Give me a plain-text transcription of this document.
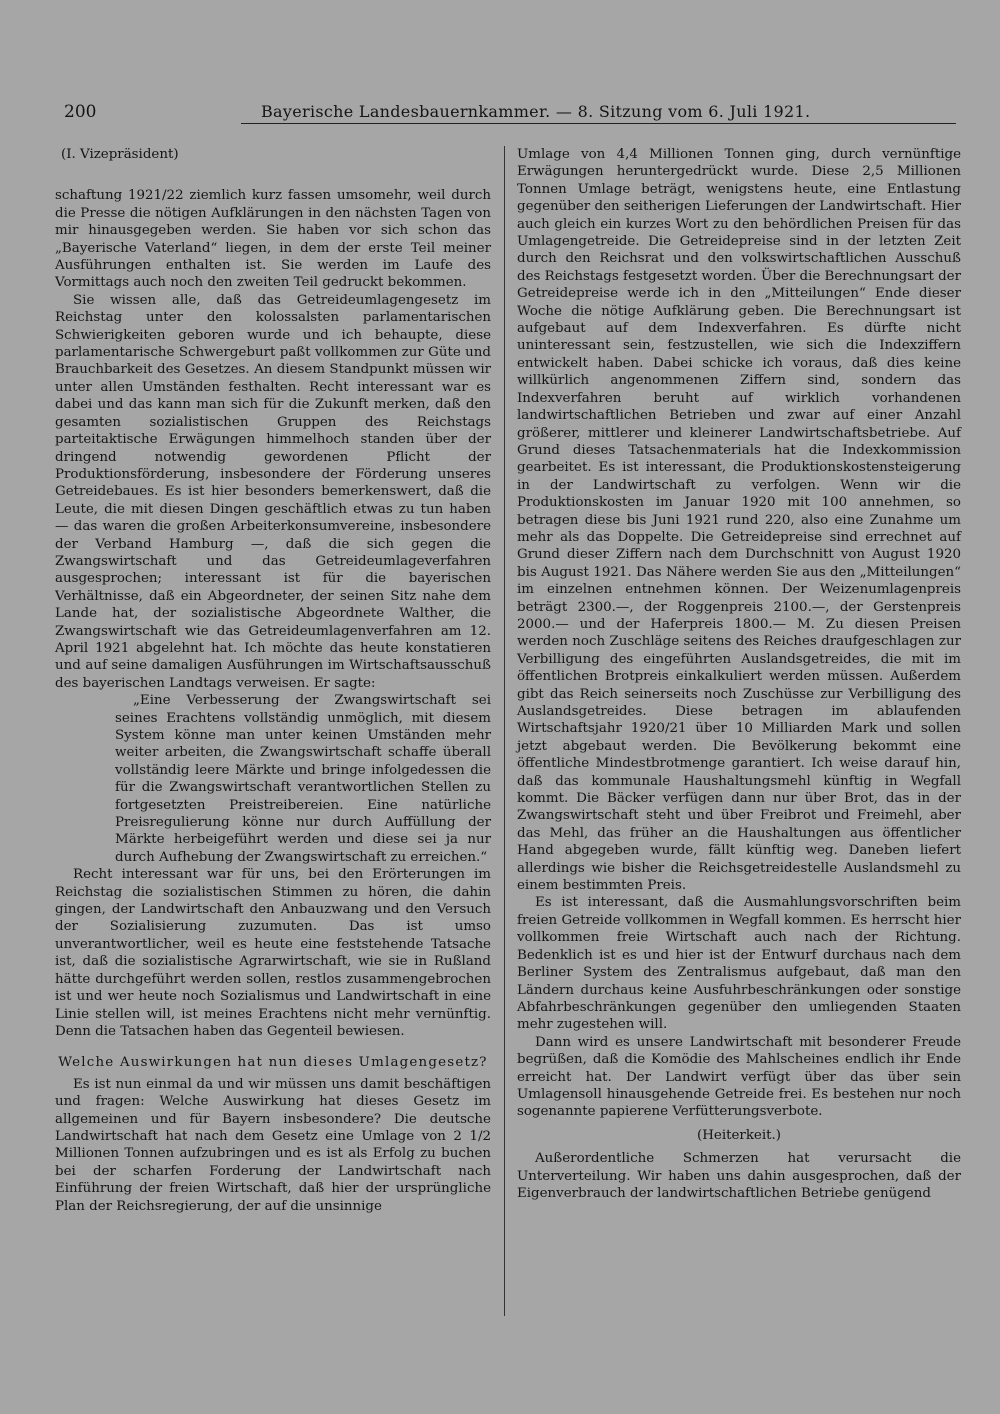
200	Bayerische Landesbauernkammer. — 8. Sitzung vom 6. Juli 1921.

(I. Vizepräsident)

schaftung 1921/22 ziemlich kurz fassen umsomehr, weil durch die Presse die nötigen Aufklärungen in den nächsten Tagen von mir hinausgegeben werden. Sie haben vor sich schon das „Bayerische Vaterland“ liegen, in dem der erste Teil meiner Ausführungen enthalten ist. Sie werden im Laufe des Vormittags auch noch den zweiten Teil gedruckt bekommen.

Sie wissen alle, daß das Getreideumlagengesetz im Reichstag unter den kolossalsten parlamentarischen Schwierigkeiten geboren wurde und ich behaupte, diese parlamentarische Schwergeburt paßt vollkommen zur Güte und Brauchbarkeit des Gesetzes. An diesem Standpunkt müssen wir unter allen Umständen festhalten. Recht interessant war es dabei und das kann man sich für die Zukunft merken, daß den gesamten sozialistischen Gruppen des Reichstags parteitaktische Erwägungen himmelhoch standen über der dringend notwendig gewordenen Pflicht der Produktionsförderung, insbesondere der Förderung unseres Getreidebaues. Es ist hier besonders bemerkenswert, daß die Leute, die mit diesen Dingen geschäftlich etwas zu tun haben — das waren die großen Arbeiterkonsumvereine, insbesondere der Verband Hamburg —, daß die sich gegen die Zwangswirtschaft und das Getreideumlageverfahren ausgesprochen; interessant ist für die bayerischen Verhältnisse, daß ein Abgeordneter, der seinen Sitz nahe dem Lande hat, der sozialistische Abgeordnete Walther, die Zwangswirtschaft wie das Getreideumlagenverfahren am 12. April 1921 abgelehnt hat. Ich möchte das heute konstatieren und auf seine damaligen Ausführungen im Wirtschaftsausschuß des bayerischen Landtags verweisen. Er sagte:

„Eine Verbesserung der Zwangswirtschaft sei seines Erachtens vollständig unmöglich, mit diesem System könne man unter keinen Umständen mehr weiter arbeiten, die Zwangswirtschaft schaffe überall vollständig leere Märkte und bringe infolgedessen die für die Zwangswirtschaft verantwortlichen Stellen zu fortgesetzten Preistreibereien. Eine natürliche Preisregulierung könne nur durch Auffüllung der Märkte herbeigeführt werden und diese sei ja nur durch Aufhebung der Zwangswirtschaft zu erreichen.“

Recht interessant war für uns, bei den Erörterungen im Reichstag die sozialistischen Stimmen zu hören, die dahin gingen, der Landwirtschaft den Anbauzwang und den Versuch der Sozialisierung zuzumuten. Das ist umso unverantwortlicher, weil es heute eine feststehende Tatsache ist, daß die sozialistische Agrarwirtschaft, wie sie in Rußland hätte durchgeführt werden sollen, restlos zusammengebrochen ist und wer heute noch Sozialismus und Landwirtschaft in eine Linie stellen will, ist meines Erachtens nicht mehr vernünftig. Denn die Tatsachen haben das Gegenteil bewiesen.

Welche Auswirkungen hat nun dieses Umlagengesetz?

Es ist nun einmal da und wir müssen uns damit beschäftigen und fragen: Welche Auswirkung hat dieses Gesetz im allgemeinen und für Bayern insbesondere? Die deutsche Landwirtschaft hat nach dem Gesetz eine Umlage von 2 1/2 Millionen Tonnen aufzubringen und es ist als Erfolg zu buchen bei der scharfen Forderung der Landwirtschaft nach Einführung der freien Wirtschaft, daß hier der ursprüngliche Plan der Reichsregierung, der auf die unsinnige

Umlage von 4,4 Millionen Tonnen ging, durch vernünftige Erwägungen heruntergedrückt wurde. Diese 2,5 Millionen Tonnen Umlage beträgt, wenigstens heute, eine Entlastung gegenüber den seitherigen Lieferungen der Landwirtschaft. Hier auch gleich ein kurzes Wort zu den behördlichen Preisen für das Umlagengetreide. Die Getreidepreise sind in der letzten Zeit durch den Reichsrat und den volkswirtschaftlichen Ausschuß des Reichstags festgesetzt worden. Über die Berechnungsart der Getreidepreise werde ich in den „Mitteilungen“ Ende dieser Woche die nötige Aufklärung geben. Die Berechnungsart ist aufgebaut auf dem Indexverfahren. Es dürfte nicht uninteressant sein, festzustellen, wie sich die Indexziffern entwickelt haben. Dabei schicke ich voraus, daß dies keine willkürlich angenommenen Ziffern sind, sondern das Indexverfahren beruht auf wirklich vorhandenen landwirtschaftlichen Betrieben und zwar auf einer Anzahl größerer, mittlerer und kleinerer Landwirtschaftsbetriebe. Auf Grund dieses Tatsachenmaterials hat die Indexkommission gearbeitet. Es ist interessant, die Produktionskostensteigerung in der Landwirtschaft zu verfolgen. Wenn wir die Produktionskosten im Januar 1920 mit 100 annehmen, so betragen diese bis Juni 1921 rund 220, also eine Zunahme um mehr als das Doppelte. Die Getreidepreise sind errechnet auf Grund dieser Ziffern nach dem Durchschnitt von August 1920 bis August 1921. Das Nähere werden Sie aus den „Mitteilungen“ im einzelnen entnehmen können. Der Weizenumlagenpreis beträgt 2300.—, der Roggenpreis 2100.—, der Gerstenpreis 2000.— und der Haferpreis 1800.— M. Zu diesen Preisen werden noch Zuschläge seitens des Reiches draufgeschlagen zur Verbilligung des eingeführten Auslandsgetreides, die mit im öffentlichen Brotpreis einkalkuliert werden müssen. Außerdem gibt das Reich seinerseits noch Zuschüsse zur Verbilligung des Auslandsgetreides. Diese betragen im ablaufenden Wirtschaftsjahr 1920/21 über 10 Milliarden Mark und sollen jetzt abgebaut werden. Die Bevölkerung bekommt eine öffentliche Mindestbrotmenge garantiert. Ich weise darauf hin, daß das kommunale Haushaltungsmehl künftig in Wegfall kommt. Die Bäcker verfügen dann nur über Brot, das in der Zwangswirtschaft steht und über Freibrot und Freimehl, aber das Mehl, das früher an die Haushaltungen aus öffentlicher Hand abgegeben wurde, fällt künftig weg. Daneben liefert allerdings wie bisher die Reichsgetreidestelle Auslandsmehl zu einem bestimmten Preis.

Es ist interessant, daß die Ausmahlungsvorschriften beim freien Getreide vollkommen in Wegfall kommen. Es herrscht hier vollkommen freie Wirtschaft auch nach der Richtung. Bedenklich ist es und hier ist der Entwurf durchaus nach dem Berliner System des Zentralismus aufgebaut, daß man den Ländern durchaus keine Ausfuhrbeschränkungen oder sonstige Abfahrbeschränkungen gegenüber den umliegenden Staaten mehr zugestehen will.

Dann wird es unsere Landwirtschaft mit besonderer Freude begrüßen, daß die Komödie des Mahlscheines endlich ihr Ende erreicht hat. Der Landwirt verfügt über das über sein Umlagensoll hinausgehende Getreide frei. Es bestehen nur noch sogenannte papierene Verfütterungsverbote.

(Heiterkeit.)

Außerordentliche Schmerzen hat verursacht die Unterverteilung. Wir haben uns dahin ausgesprochen, daß der Eigenverbrauch der landwirtschaftlichen Betriebe genügend
